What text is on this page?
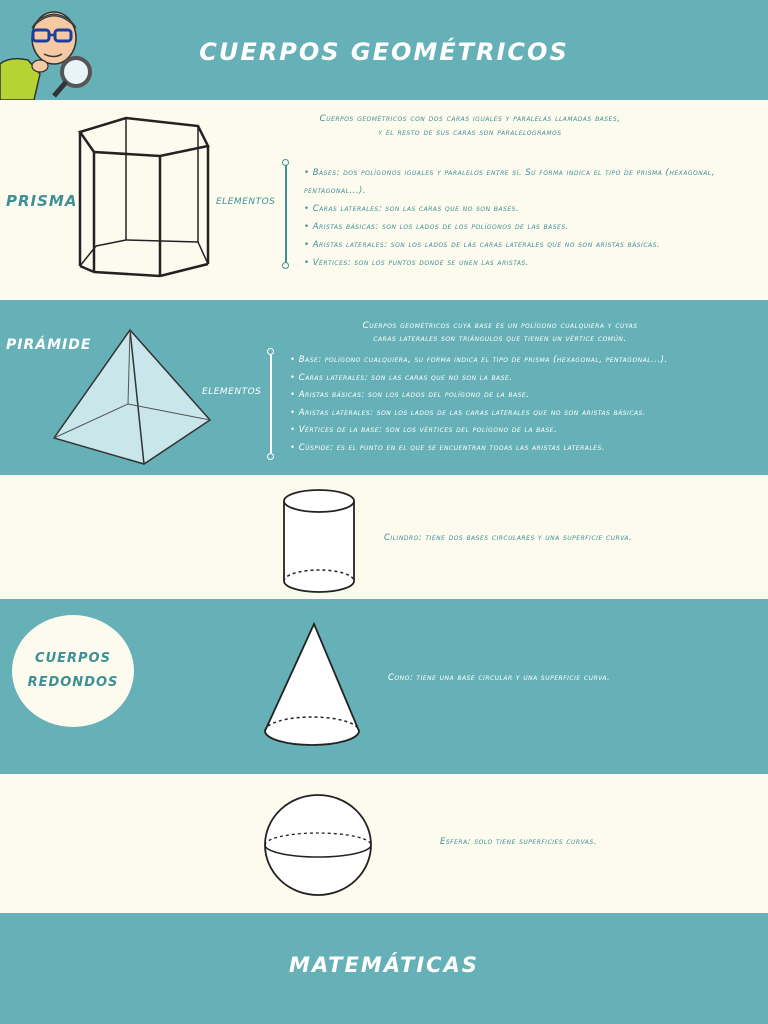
CUERPOS GEOMÉTRICOS
PRISMA
Cuerpos geométricos con dos caras iguales y paralelas llamadas bases,
y el resto de sus caras son paralelogramos
ELEMENTOS
• Bases: dos polígonos iguales y paralelos entre sí. Su forma indica el tipo de prisma (hexagonal, pentagonal...).
• Caras laterales: son las caras que no son bases.
• Aristas básicas: son los lados de los polígonos de las bases.
• Aristas laterales: son los lados de las caras laterales que no son aristas básicas.
• Vértices: son los puntos donde se unen las aristas.
PIRÁMIDE
Cuerpos geométricos cuya base es un polígono cualquiera y cuyas
caras laterales son triángulos que tienen un vértice común.
ELEMENTOS
• Base: polígono cualquiera, su forma indica el tipo de prisma (hexagonal, pentagonal...).
• Caras laterales: son las caras que no son la base.
• Aristas básicas: son los lados del polígono de la base.
• Aristas laterales: son los lados de las caras laterales que no son aristas básicas.
• Vértices de la base: son los vértices del polígono de la base.
• Cúspide: es el punto en el que se encuentran todas las aristas laterales.
Cilindro: tiene dos bases circulares y una superficie curva.
CUERPOS
REDONDOS	Cono: tiene una base circular y una superficie curva.
Esfera: solo tiene superficies curvas.
MATEMÁTICAS
